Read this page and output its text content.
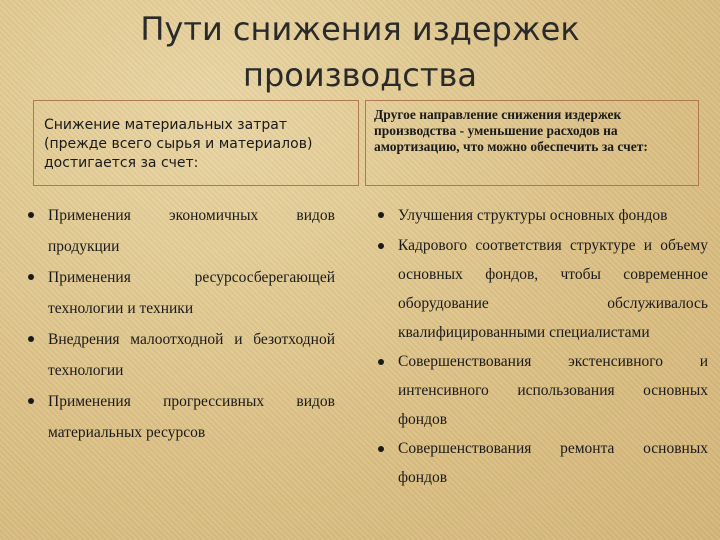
Пути снижения издержек производства
Снижение материальных затрат (прежде всего сырья и материалов) достигается за счет:
Другое направление снижения издержек производства - уменьшение расходов на амортизацию, что можно обеспечить за счет:
Применения экономичных видов продукции
Применения ресурсосберегающей технологии и техники
Внедрения малоотходной и безотходной технологии
Применения прогрессивных видов материальных ресурсов
Улучшения структуры основных фондов
Кадрового соответствия структуре и объему основных фондов, чтобы современное оборудование обслуживалось квалифицированными специалистами
Совершенствования экстенсивного и интенсивного использования основных фондов
Совершенствования ремонта основных фондов
